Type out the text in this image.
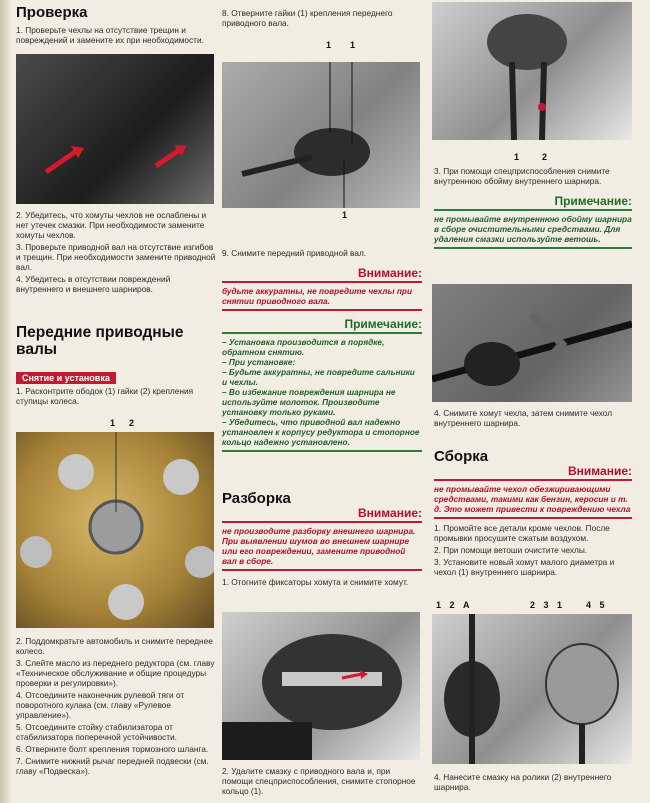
Проверка
1. Проверьте чехлы на отсутствие трещин и повреждений и замените их при необходимости.
2. Убедитесь, что хомуты чехлов не ослаблены и нет утечек смазки. При необходимости замените хомуты чехлов.
3. Проверьте приводной вал на отсутствие изгибов и трещин. При необходимости замените приводной вал.
4. Убедитесь в отсутствии повреждений внутреннего и внешнего шарниров.
Передние приводные валы
Снятие и установка
1. Расконтрите ободок (1) гайки (2) крепления ступицы колеса.
1 2
2. Поддомкратьте автомобиль и снимите переднее колесо.
3. Слейте масло из переднего редуктора (см. главу «Техническое обслуживание и общие процедуры проверки и регулировки»).
4. Отсоедините наконечник рулевой тяги от поворотного кулака (см. главу «Рулевое управление»).
5. Отсоедините стойку стабилизатора от стабилизатора поперечной устойчивости.
6. Отверните болт крепления тормозного шланга.
7. Снимите нижний рычаг передней подвески (см. главу «Подвеска»).
8. Отверните гайки (1) крепления переднего приводного вала.
1 1
1
9. Снимите передний приводной вал.
Внимание:
будьте аккуратны, не повредите чехлы при снятии приводного вала.
Примечание:
– Установка производится в порядке, обратном снятию.
– При установке:
– Будьте аккуратны, не повредите сальники и чехлы.
– Во избежание повреждения шарнира не используйте молоток. Производите установку только руками.
– Убедитесь, что приводной вал надежно установлен к корпусу редуктора и стопорное кольцо надежно установлено.
Разборка
Внимание:
не производите разборку внешнего шарнира. При выявлении шумов во внешнем шарнире или его повреждении, замените приводной вал в сборе.
1. Отогните фиксаторы хомута и снимите хомут.
2. Удалите смазку с приводного вала и, при помощи спецприспособления, снимите стопорное кольцо (1).
1	2
3. При помощи спецприспособления снимите внутреннюю обойму внутреннего шарнира.
Примечание:
не промывайте внутреннюю обойму шарнира в сборе очистительными средствами. Для удаления смазки используйте ветошь.
4. Снимите хомут чехла, затем снимите чехол внутреннего шарнира.
Сборка
Внимание:
не промывайте чехол обезжиривающими средствами, такими как бензин, керосин и т. д. Это может привести к повреждению чехла
1. Промойте все детали кроме чехлов. После промывки просушите сжатым воздухом.
2. При помощи ветоши очистите чехлы.
3. Установите новый хомут малого диаметра и чехол (1) внутреннего шарнира.
1 2 А	2 3 1 4 5
4. Нанесите смазку на ролики (2) внутреннего шарнира.
